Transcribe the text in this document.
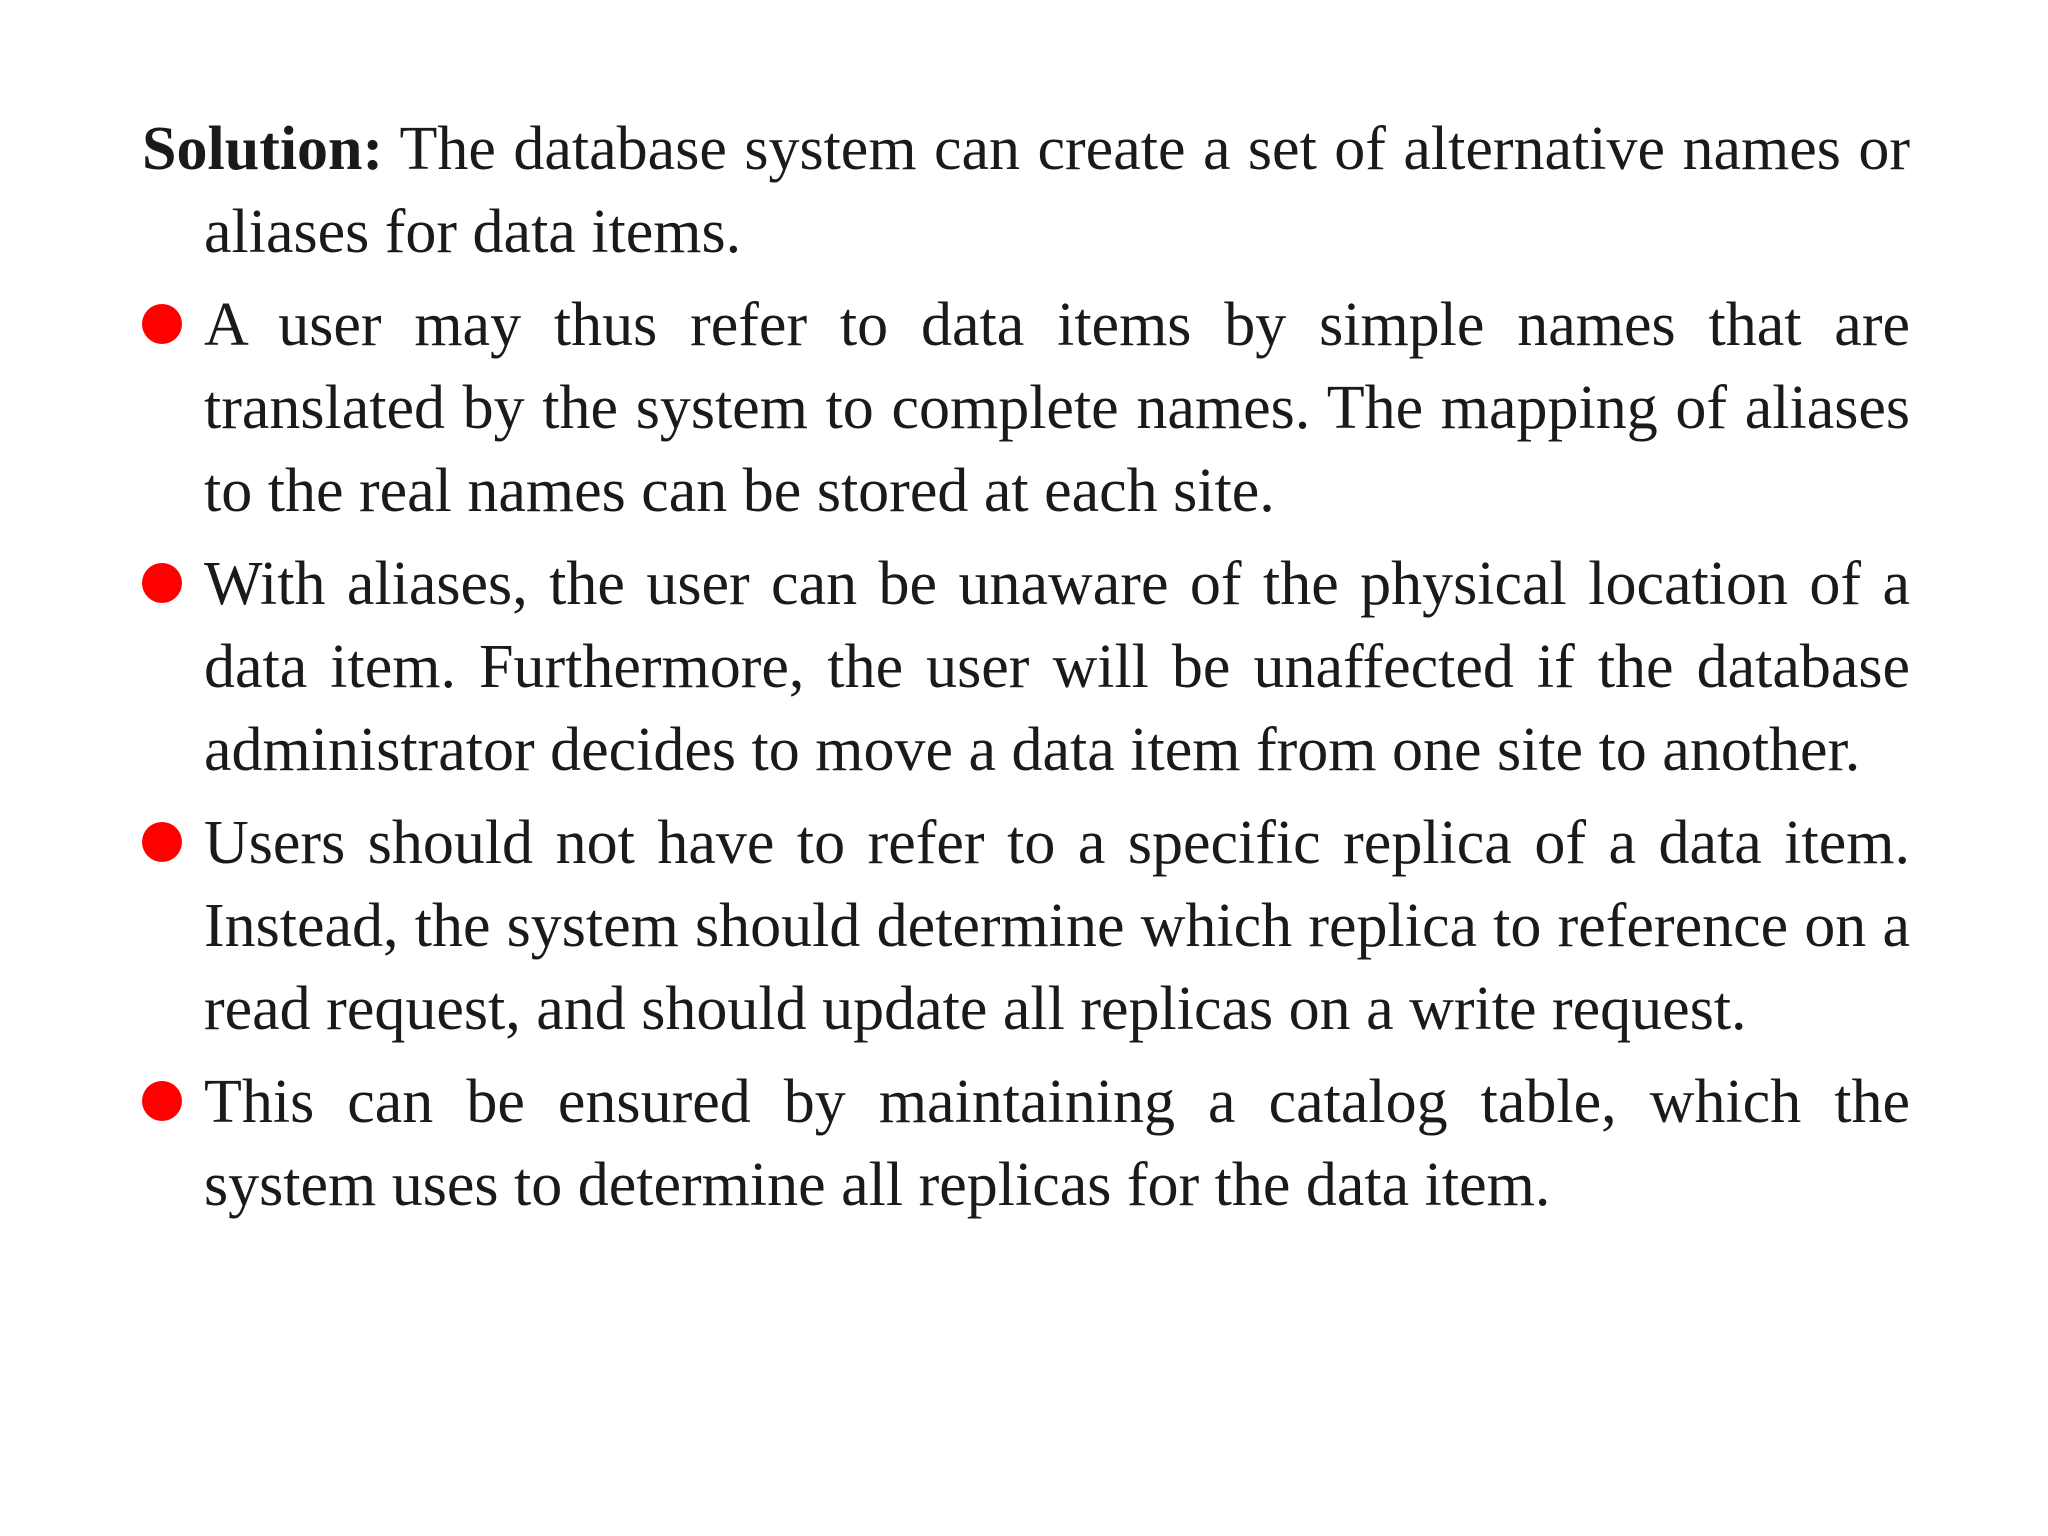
Solution: The database system can create a set of alternative names or aliases for data items.

A user may thus refer to data items by simple names that are translated by the system to complete names. The mapping of aliases to the real names can be stored at each site.

With aliases, the user can be unaware of the physical location of a data item. Furthermore, the user will be unaffected if the database administrator decides to move a data item from one site to another.

Users should not have to refer to a specific replica of a data item. Instead, the system should determine which replica to reference on a read request, and should update all replicas on a write request.

This can be ensured by maintaining a catalog table, which the system uses to determine all replicas for the data item.
